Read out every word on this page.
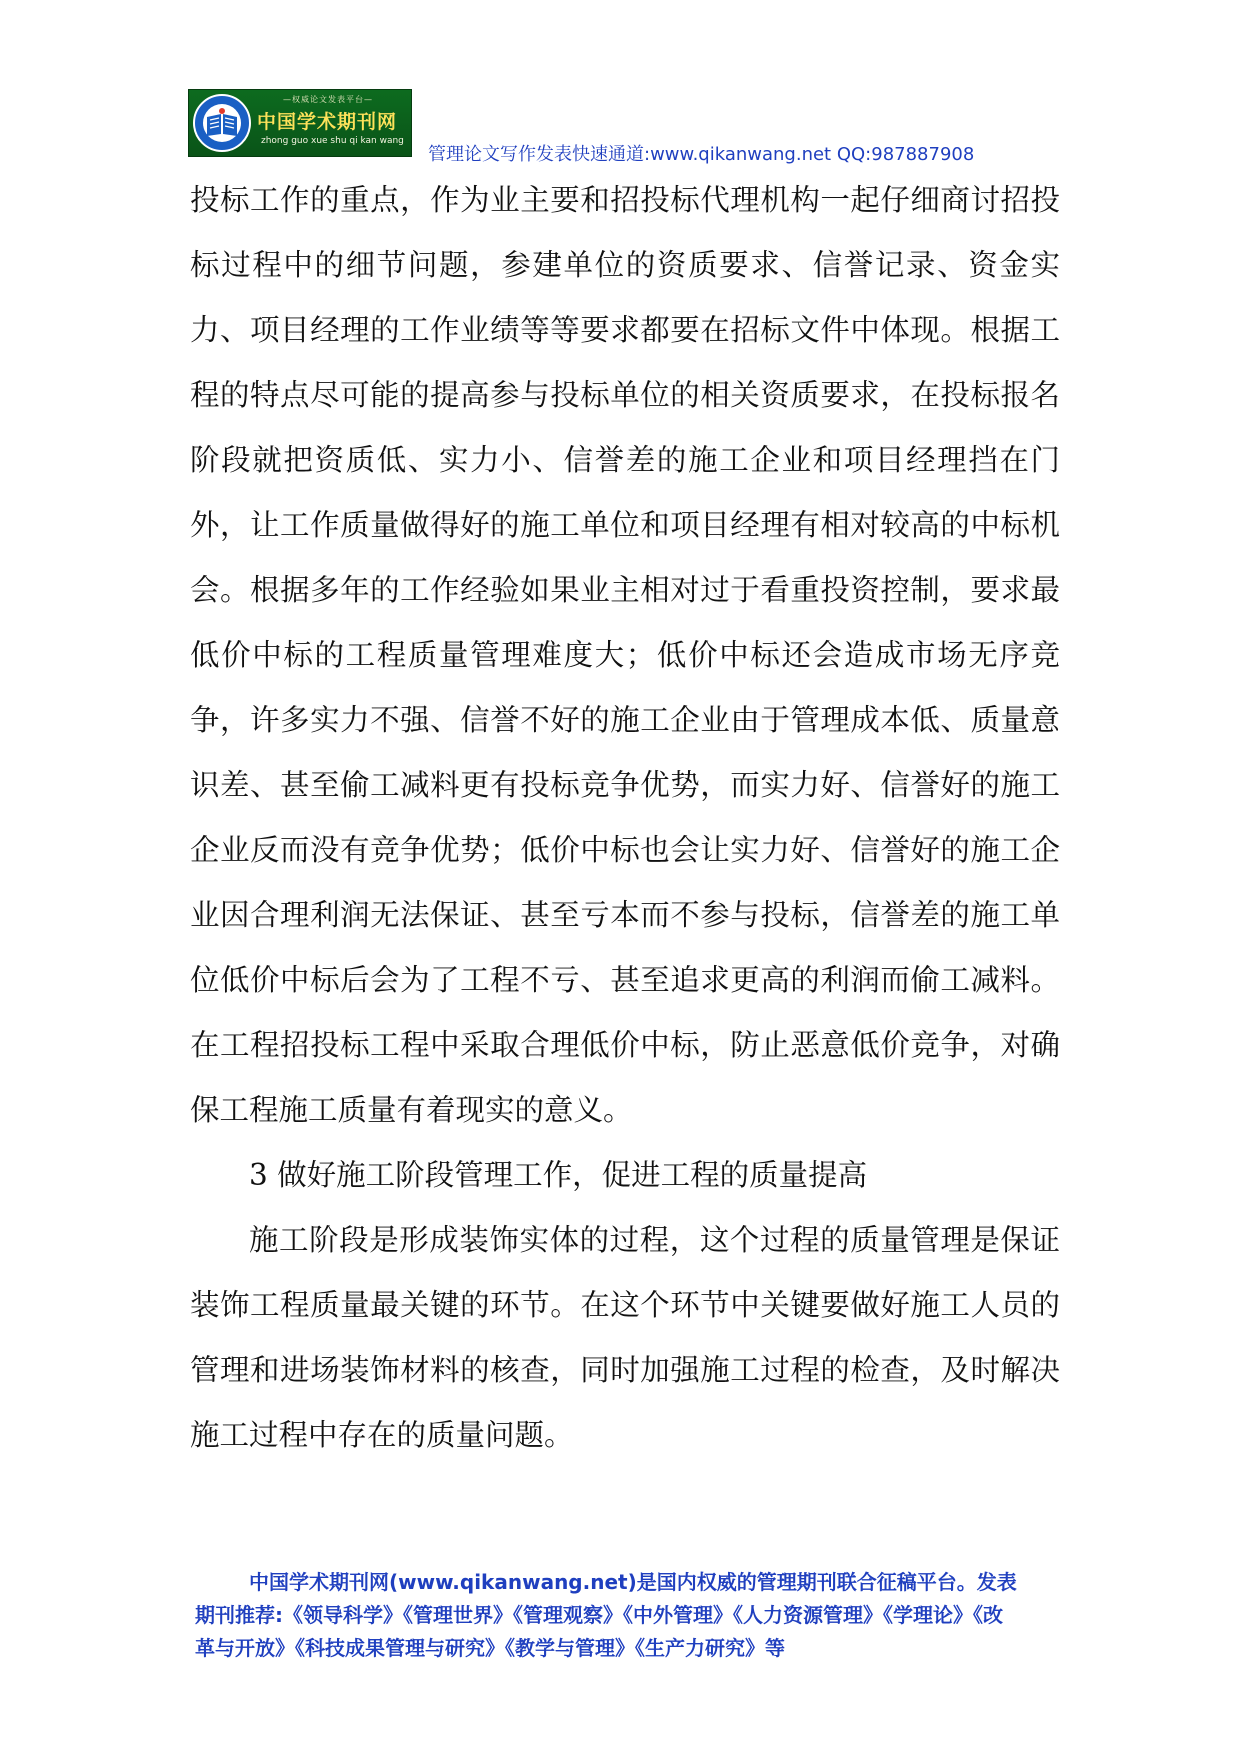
—权威论文发表平台—
中国学术期刊网
zhong guo xue shu qi kan wang
管理论文写作发表快速通道:www.qikanwang.net QQ:987887908

投标工作的重点，作为业主要和招投标代理机构一起仔细商讨招投标过程中的细节问题，参建单位的资质要求、信誉记录、资金实力、项目经理的工作业绩等等要求都要在招标文件中体现。根据工程的特点尽可能的提高参与投标单位的相关资质要求，在投标报名阶段就把资质低、实力小、信誉差的施工企业和项目经理挡在门外，让工作质量做得好的施工单位和项目经理有相对较高的中标机会。根据多年的工作经验如果业主相对过于看重投资控制，要求最低价中标的工程质量管理难度大；低价中标还会造成市场无序竞争，许多实力不强、信誉不好的施工企业由于管理成本低、质量意识差、甚至偷工减料更有投标竞争优势，而实力好、信誉好的施工企业反而没有竞争优势；低价中标也会让实力好、信誉好的施工企业因合理利润无法保证、甚至亏本而不参与投标，信誉差的施工单位低价中标后会为了工程不亏、甚至追求更高的利润而偷工减料。在工程招投标工程中采取合理低价中标，防止恶意低价竞争，对确保工程施工质量有着现实的意义。

3 做好施工阶段管理工作，促进工程的质量提高

施工阶段是形成装饰实体的过程，这个过程的质量管理是保证装饰工程质量最关键的环节。在这个环节中关键要做好施工人员的管理和进场装饰材料的核查，同时加强施工过程的检查，及时解决施工过程中存在的质量问题。

中国学术期刊网(www.qikanwang.net)是国内权威的管理期刊联合征稿平台。发表
期刊推荐:《领导科学》《管理世界》《管理观察》《中外管理》《人力资源管理》《学理论》《改
革与开放》《科技成果管理与研究》《教学与管理》《生产力研究》等
